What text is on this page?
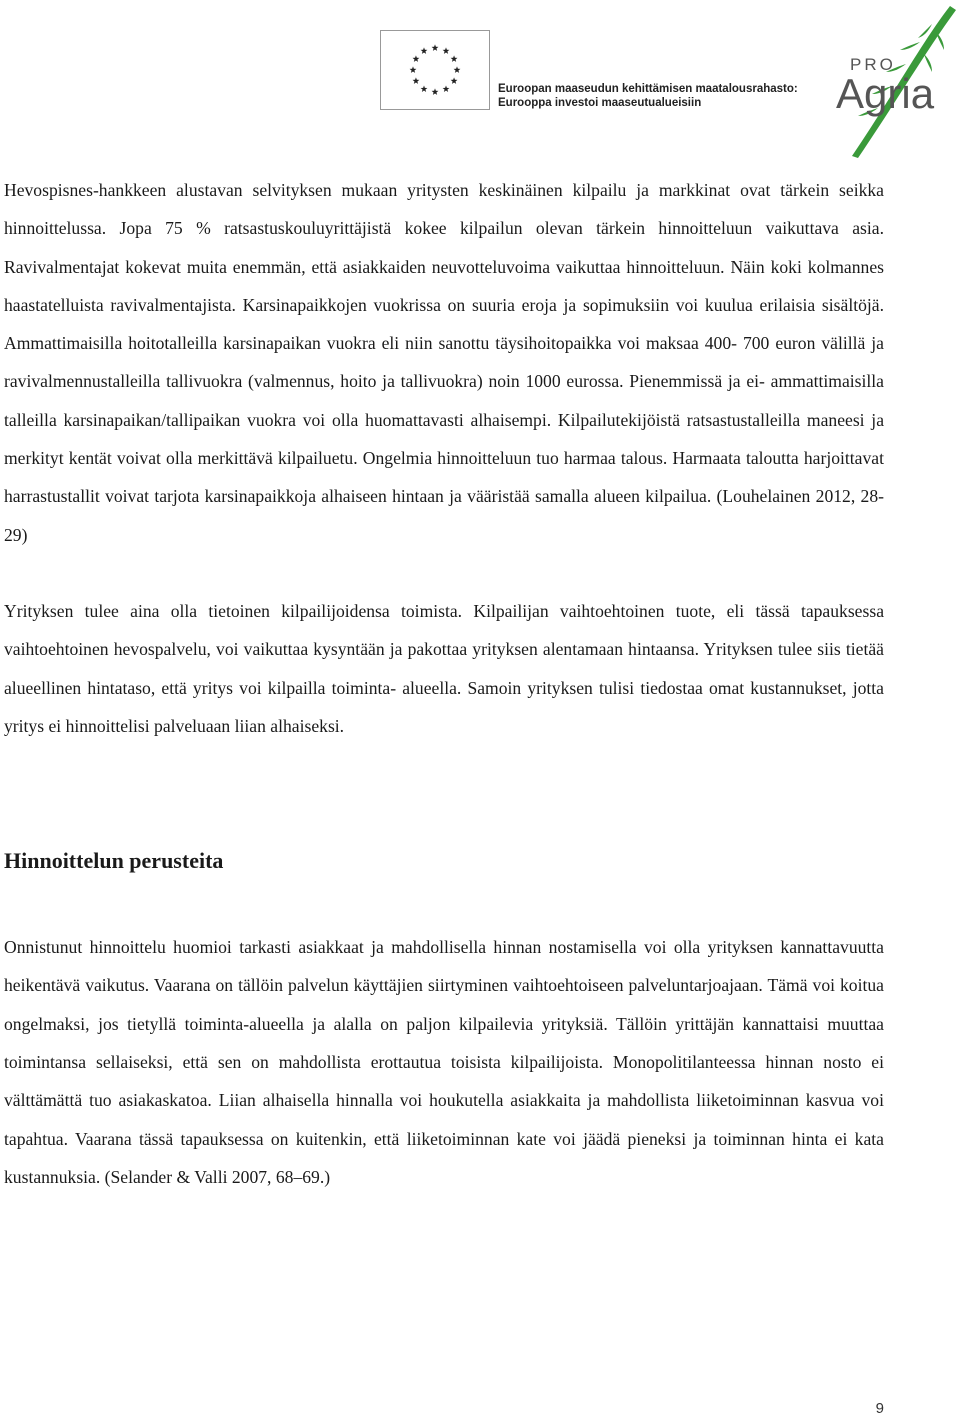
Euroopan maaseudun kehittämisen maatalousrahasto:
Eurooppa investoi maaseutualueisiin
PRO
Agria

Hevospisnes-hankkeen alustavan selvityksen mukaan yritysten keskinäinen kilpailu ja markkinat ovat tärkein seikka hinnoittelussa. Jopa 75 % ratsastuskouluyrittäjistä kokee kilpailun olevan tärkein hinnoitteluun vaikuttava asia. Ravivalmentajat kokevat muita enemmän, että asiakkaiden neuvotteluvoima vaikuttaa hinnoitteluun. Näin koki kolmannes haastatelluista ravivalmentajista. Karsinapaikkojen vuokrissa on suuria eroja ja sopimuksiin voi kuulua erilaisia sisältöjä. Ammattimaisilla hoitotalleilla karsinapaikan vuokra eli niin sanottu täysihoitopaikka voi maksaa 400- 700 euron välillä ja ravivalmennustalleilla tallivuokra (valmennus, hoito ja tallivuokra) noin 1000 eurossa. Pienemmissä ja ei- ammattimaisilla talleilla karsinapaikan/tallipaikan vuokra voi olla huomattavasti alhaisempi. Kilpailutekijöistä ratsastustalleilla maneesi ja merkityt kentät voivat olla merkittävä kilpailuetu. Ongelmia hinnoitteluun tuo harmaa talous. Harmaata taloutta harjoittavat harrastustallit voivat tarjota karsinapaikkoja alhaiseen hintaan ja vääristää samalla alueen kilpailua. (Louhelainen 2012, 28-29)

Yrityksen tulee aina olla tietoinen kilpailijoidensa toimista. Kilpailijan vaihtoehtoinen tuote, eli tässä tapauksessa vaihtoehtoinen hevospalvelu, voi vaikuttaa kysyntään ja pakottaa yrityksen alentamaan hintaansa. Yrityksen tulee siis tietää alueellinen hintataso, että yritys voi kilpailla toiminta- alueella. Samoin yrityksen tulisi tiedostaa omat kustannukset, jotta yritys ei hinnoittelisi palveluaan liian alhaiseksi.

Hinnoittelun perusteita

Onnistunut hinnoittelu huomioi tarkasti asiakkaat ja mahdollisella hinnan nostamisella voi olla yrityksen kannattavuutta heikentävä vaikutus. Vaarana on tällöin palvelun käyttäjien siirtyminen vaihtoehtoiseen palveluntarjoajaan. Tämä voi koitua ongelmaksi, jos tietyllä toiminta-alueella ja alalla on paljon kilpailevia yrityksiä. Tällöin yrittäjän kannattaisi muuttaa toimintansa sellaiseksi, että sen on mahdollista erottautua toisista kilpailijoista. Monopolitilanteessa hinnan nosto ei välttämättä tuo asiakaskatoa. Liian alhaisella hinnalla voi houkutella asiakkaita ja mahdollista liiketoiminnan kasvua voi tapahtua. Vaarana tässä tapauksessa on kuitenkin, että liiketoiminnan kate voi jäädä pieneksi ja toiminnan hinta ei kata kustannuksia. (Selander & Valli 2007, 68–69.)

9
